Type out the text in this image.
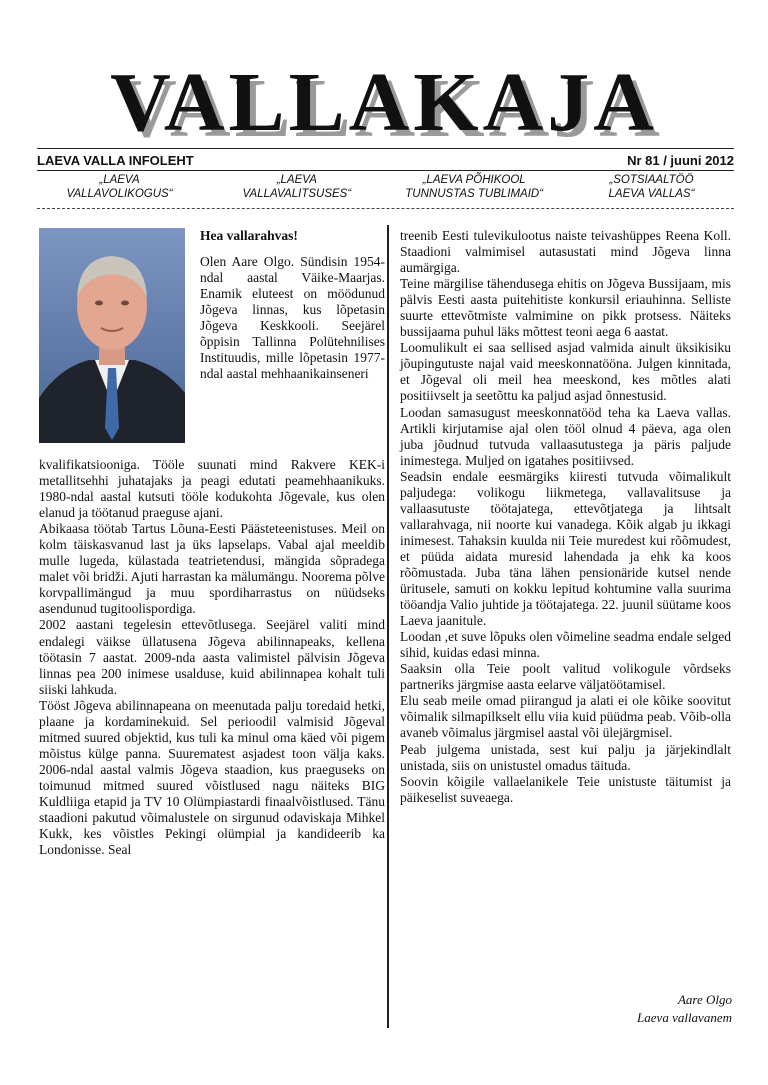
VALLAKAJA
LAEVA VALLA INFOLEHT	Nr 81 / juuni 2012
„LAEVA
VALLAVOLIKOGUS“
„LAEVA
VALLAVALITSUSES“
„LAEVA PÕHIKOOL
TUNNUSTAS TUBLIMAID“
„SOTSIAALTÖÖ
LAEVA VALLAS“

Hea vallarahvas!

Olen Aare Olgo. Sündisin 1954-ndal aastal Väike-Maarjas. Enamik eluteest on möödunud Jõgeva linnas, kus lõpetasin Jõgeva Keskkooli. Seejärel õppisin Tallinna Polütehnilises Instituudis, mille lõpetasin 1977-ndal aastal mehhaanikainseneri

kvalifikatsiooniga. Tööle suunati mind Rakvere KEK-i metallitsehhi juhatajaks ja peagi edutati peamehhaanikuks. 1980-ndal aastal kutsuti tööle kodukohta Jõgevale, kus olen elanud ja töötanud praeguse ajani.

Abikaasa töötab Tartus Lõuna-Eesti Päästeteenistuses. Meil on kolm täiskasvanud last ja üks lapselaps. Vabal ajal meeldib mulle lugeda, külastada teatrietendusi, mängida sõpradega malet või bridži. Ajuti harrastan ka mälumängu. Noorema põlve korvpallimängud ja muu spordiharrastus on nüüdseks asendunud tugitoolispordiga.

2002 aastani tegelesin ettevõtlusega. Seejärel valiti mind endalegi väikse üllatusena Jõgeva abilinnapeaks, kellena töötasin 7 aastat. 2009-nda aasta valimistel pälvisin Jõgeva linnas pea 200 inimese usalduse, kuid abilinnapea kohalt tuli siiski lahkuda.

Tööst Jõgeva abilinnapeana on meenutada palju toredaid hetki, plaane ja kordaminekuid. Sel perioodil valmisid Jõgeval mitmed suured objektid, kus tuli ka minul oma käed või pigem mõistus külge panna. Suurematest asjadest toon välja kaks. 2006-ndal aastal valmis Jõgeva staadion, kus praeguseks on toimunud mitmed suured võistlused nagu näiteks BIG Kuldliiga etapid ja TV 10 Olümpiastardi finaalvõistlused. Tänu staadioni pakutud võimalustele on sirgunud odaviskaja Mihkel Kukk, kes võistles Pekingi olümpial ja kandideerib ka Londonisse. Seal

treenib Eesti tulevikulootus naiste teivashüppes Reena Koll. Staadioni valmimisel autasustati mind Jõgeva linna aumärgiga.

Teine märgilise tähendusega ehitis on Jõgeva Bussijaam, mis pälvis Eesti aasta puitehitiste konkursil eriauhinna. Selliste suurte ettevõtmiste valmimine on pikk protsess. Näiteks bussijaama puhul läks mõttest teoni aega 6 aastat.

Loomulikult ei saa sellised asjad valmida ainult üksikisiku jõupingutuste najal vaid meeskonnatööna. Julgen kinnitada, et Jõgeval oli meil hea meeskond, kes mõtles alati positiivselt ja seetõttu ka paljud asjad õnnestusid.

Loodan samasugust meeskonnatööd teha ka Laeva vallas. Artikli kirjutamise ajal olen tööl olnud 4 päeva, aga olen juba jõudnud tutvuda vallaasutustega ja päris paljude inimestega. Muljed on igatahes positiivsed.

Seadsin endale eesmärgiks kiiresti tutvuda võimalikult paljudega: volikogu liikmetega, vallavalitsuse ja vallaasutuste töötajatega, ettevõtjatega ja lihtsalt vallarahvaga, nii noorte kui vanadega. Kõik algab ju ikkagi inimesest. Tahaksin kuulda nii Teie muredest kui rõõmudest, et püüda aidata muresid lahendada ja ehk ka koos rõõmustada. Juba täna lähen pensionäride kutsel nende üritusele, samuti on kokku lepitud kohtumine valla suurima tööandja Valio juhtide ja töötajatega. 22. juunil süütame koos Laeva jaanitule.

Loodan ,et suve lõpuks olen võimeline seadma endale selged sihid, kuidas edasi minna.

Saaksin olla Teie poolt valitud volikogule võrdseks partneriks järgmise aasta eelarve väljatöötamisel.

Elu seab meile omad piirangud ja alati ei ole kõike soovitut võimalik silmapilkselt ellu viia kuid püüdma peab. Võib-olla avaneb võimalus järgmisel aastal või ülejärgmisel.

Peab julgema unistada, sest kui palju ja järjekindlalt unistada, siis on unistustel omadus täituda.

Soovin kõigile vallaelanikele Teie unistuste täitumist ja päikeselist suveaega.

Aare Olgo
Laeva vallavanem
